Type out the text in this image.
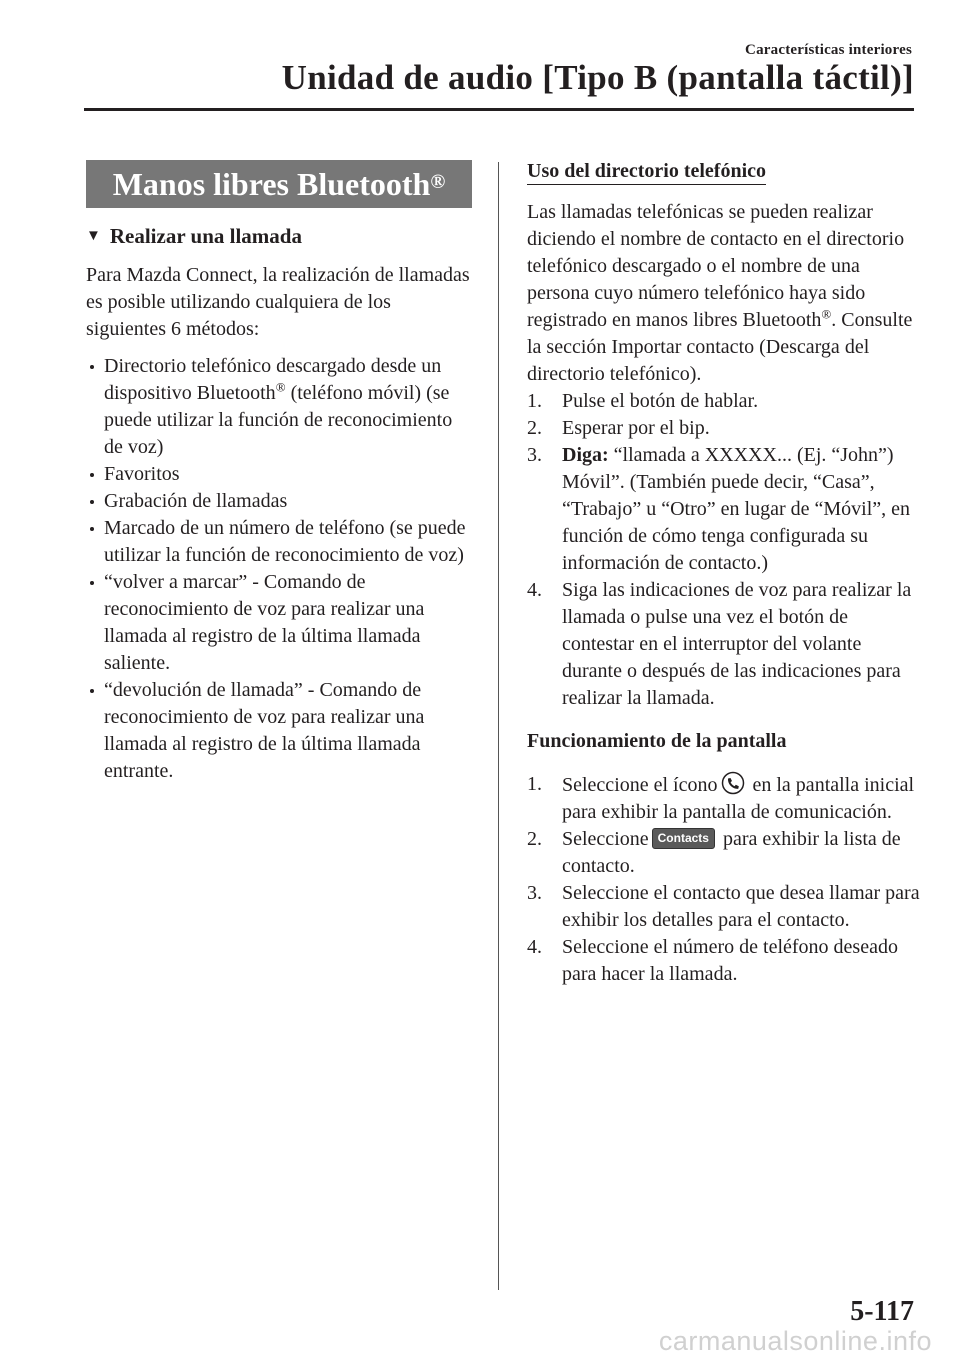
Características interiores
Unidad de audio [Tipo B (pantalla táctil)]
Manos libres Bluetooth®
▼ Realizar una llamada

Para Mazda Connect, la realización de llamadas es posible utilizando cualquiera de los siguientes 6 métodos:

Directorio telefónico descargado desde un dispositivo Bluetooth® (teléfono móvil) (se puede utilizar la función de reconocimiento de voz)
Favoritos
Grabación de llamadas
Marcado de un número de teléfono (se puede utilizar la función de reconocimiento de voz)
“volver a marcar” - Comando de reconocimiento de voz para realizar una llamada al registro de la última llamada saliente.
“devolución de llamada” - Comando de reconocimiento de voz para realizar una llamada al registro de la última llamada entrante.
Uso del directorio telefónico

Las llamadas telefónicas se pueden realizar diciendo el nombre de contacto en el directorio telefónico descargado o el nombre de una persona cuyo número telefónico haya sido registrado en manos libres Bluetooth®. Consulte la sección Importar contacto (Descarga del directorio telefónico).

1. Pulse el botón de hablar.
2. Esperar por el bip.
3. Diga: “llamada a XXXXX... (Ej. “John”) Móvil”. (También puede decir, “Casa”, “Trabajo” u “Otro” en lugar de “Móvil”, en función de cómo tenga configurada su información de contacto.)
4. Siga las indicaciones de voz para realizar la llamada o pulse una vez el botón de contestar en el interruptor del volante durante o después de las indicaciones para realizar la llamada.
Funcionamiento de la pantalla
1. Seleccione el ícono en la pantalla inicial para exhibir la pantalla de comunicación.
2. Seleccione Contacts para exhibir la lista de contacto.
3. Seleccione el contacto que desea llamar para exhibir los detalles para el contacto.
4. Seleccione el número de teléfono deseado para hacer la llamada.
5-117
carmanualsonline.info
